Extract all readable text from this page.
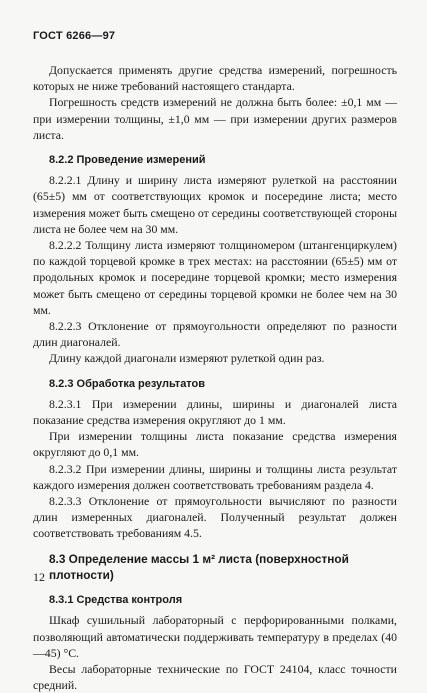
ГОСТ 6266—97

Допускается применять другие средства измерений, погрешность которых не ниже требований настоящего стандарта.

Погрешность средств измерений не должна быть более: ±0,1 мм — при измерении толщины, ±1,0 мм — при измерении других размеров листа.

8.2.2 Проведение измерений

8.2.2.1 Длину и ширину листа измеряют рулеткой на расстоянии (65±5) мм от соответствующих кромок и посередине листа; место измерения может быть смещено от середины соответствующей стороны листа не более чем на 30 мм.

8.2.2.2 Толщину листа измеряют толщиномером (штангенциркулем) по каждой торцевой кромке в трех местах: на расстоянии (65±5) мм от продольных кромок и посередине торцевой кромки; место измерения может быть смещено от середины торцевой кромки не более чем на 30 мм.

8.2.2.3 Отклонение от прямоугольности определяют по разности длин диагоналей.

Длину каждой диагонали измеряют рулеткой один раз.

8.2.3 Обработка результатов

8.2.3.1 При измерении длины, ширины и диагоналей листа показание средства измерения округляют до 1 мм.

При измерении толщины листа показание средства измерения округляют до 0,1 мм.

8.2.3.2 При измерении длины, ширины и толщины листа результат каждого измерения должен соответствовать требованиям раздела 4.

8.2.3.3 Отклонение от прямоугольности вычисляют по разности длин измеренных диагоналей. Полученный результат должен соответствовать требованиям 4.5.

8.3 Определение массы 1 м² листа (поверхностной плотности)
8.3.1 Средства контроля

Шкаф сушильный лабораторный с перфорированными полками, позволяющий автоматически поддерживать температуру в пределах (40—45) °С.

Весы лабораторные технические по ГОСТ 24104, класс точности средний.

12
